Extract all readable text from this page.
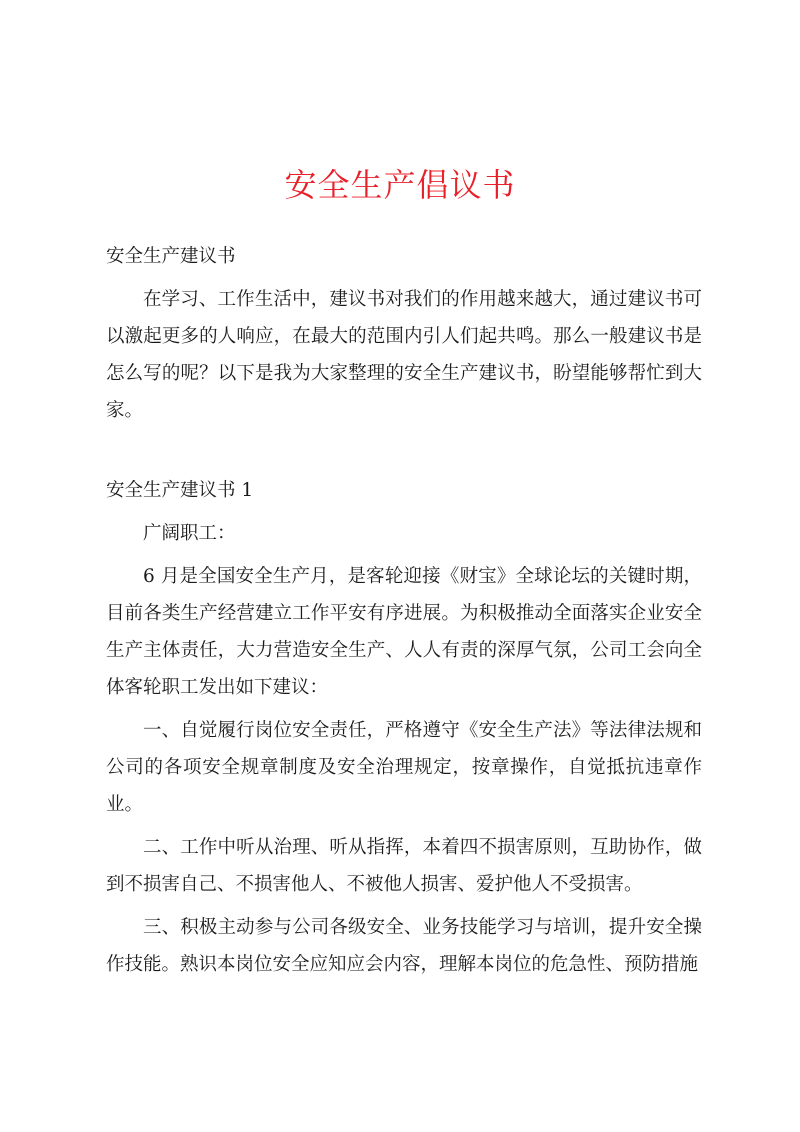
安全生产倡议书

安全生产建议书

在学习、工作生活中，建议书对我们的作用越来越大，通过建议书可以激起更多的人响应，在最大的范围内引人们起共鸣。那么一般建议书是怎么写的呢？以下是我为大家整理的安全生产建议书，盼望能够帮忙到大家。

安全生产建议书 1

广阔职工：

6 月是全国安全生产月，是客轮迎接《财宝》全球论坛的关键时期，目前各类生产经营建立工作平安有序进展。为积极推动全面落实企业安全生产主体责任，大力营造安全生产、人人有责的深厚气氛，公司工会向全体客轮职工发出如下建议：

一、自觉履行岗位安全责任，严格遵守《安全生产法》等法律法规和公司的各项安全规章制度及安全治理规定，按章操作，自觉抵抗违章作业。

二、工作中听从治理、听从指挥，本着四不损害原则，互助协作，做到不损害自己、不损害他人、不被他人损害、爱护他人不受损害。

三、积极主动参与公司各级安全、业务技能学习与培训，提升安全操作技能。熟识本岗位安全应知应会内容，理解本岗位的危急性、预防措施
